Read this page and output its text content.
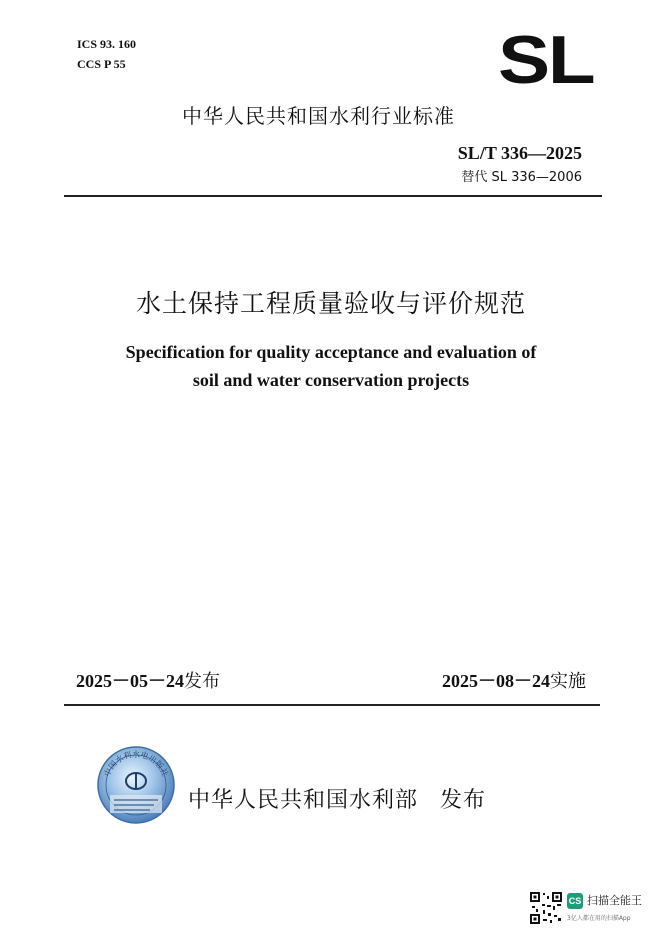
ICS 93. 160
CCS P 55	SL
中华人民共和国水利行业标准
SL/T 336—2025
替代 SL 336—2006
水土保持工程质量验收与评价规范
Specification for quality acceptance and evaluation of
soil and water conservation projects
2025－05－24发布	2025－08－24实施
中国水利水电出版社
中华人民共和国水利部 发布
CS 扫描全能王
3亿人都在用的扫描App
